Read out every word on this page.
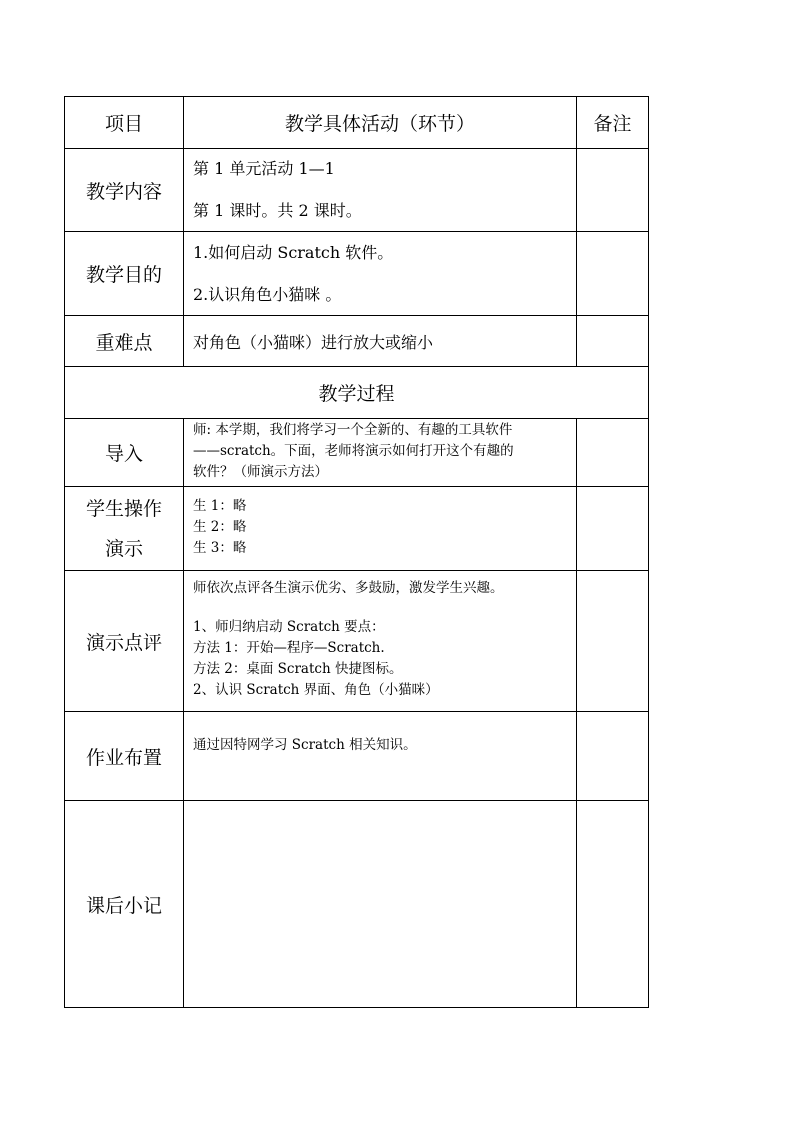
项目	教学具体活动（环节）	备注
教学内容	第 1 单元活动 1—1

第 1 课时。共 2 课时。	

教学目的	1.如何启动 Scratch 软件。

2.认识角色小猫咪 。	

重难点	对角色（小猫咪）进行放大或缩小	
教学过程		
导入	师: 本学期，我们将学习一个全新的、有趣的工具软件
——scratch。下面，老师将演示如何打开这个有趣的
软件？（师演示方法）	

学生操作
演示	生 1：略
生 2：略
生 3：略	

演示点评	师依次点评各生演示优劣、多鼓励，激发学生兴趣。
1、师归纳启动 Scratch 要点：
方法 1：开始—程序—Scratch.
方法 2：桌面 Scratch 快捷图标。
2、认识 Scratch 界面、角色（小猫咪）	

作业布置	通过因特网学习 Scratch 相关知识。	

课后小记		
